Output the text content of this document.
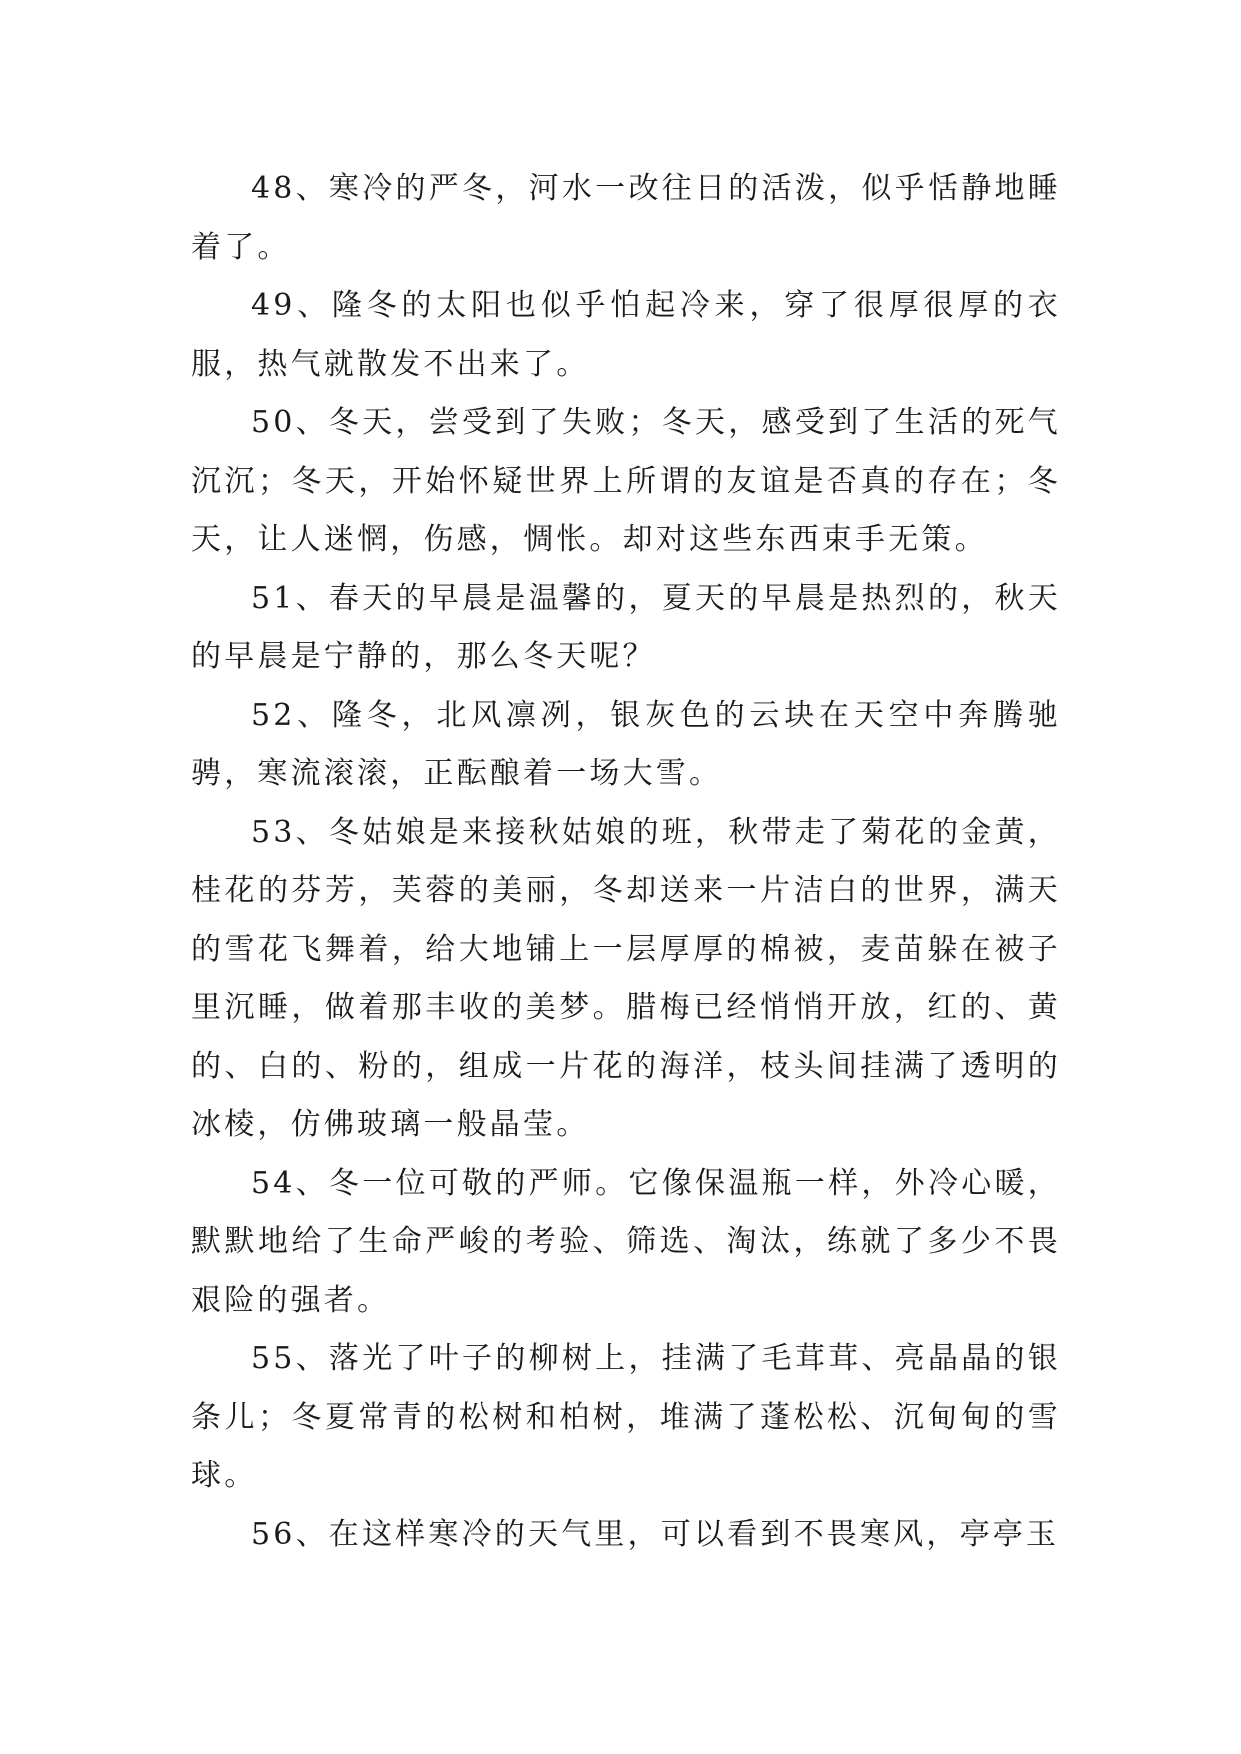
48、寒冷的严冬，河水一改往日的活泼，似乎恬静地睡着了。

49、隆冬的太阳也似乎怕起冷来，穿了很厚很厚的衣服，热气就散发不出来了。

50、冬天，尝受到了失败；冬天，感受到了生活的死气沉沉；冬天，开始怀疑世界上所谓的友谊是否真的存在；冬天，让人迷惘，伤感，惆怅。却对这些东西束手无策。

51、春天的早晨是温馨的，夏天的早晨是热烈的，秋天的早晨是宁静的，那么冬天呢？

52、隆冬，北风凛冽，银灰色的云块在天空中奔腾驰骋，寒流滚滚，正酝酿着一场大雪。

53、冬姑娘是来接秋姑娘的班，秋带走了菊花的金黄，桂花的芬芳，芙蓉的美丽，冬却送来一片洁白的世界，满天的雪花飞舞着，给大地铺上一层厚厚的棉被，麦苗躲在被子里沉睡，做着那丰收的美梦。腊梅已经悄悄开放，红的、黄的、白的、粉的，组成一片花的海洋，枝头间挂满了透明的冰棱，仿佛玻璃一般晶莹。

54、冬一位可敬的严师。它像保温瓶一样，外冷心暖，默默地给了生命严峻的考验、筛选、淘汰，练就了多少不畏艰险的强者。

55、落光了叶子的柳树上，挂满了毛茸茸、亮晶晶的银条儿；冬夏常青的松树和柏树，堆满了蓬松松、沉甸甸的雪球。

56、在这样寒冷的天气里，可以看到不畏寒风，亭亭玉
